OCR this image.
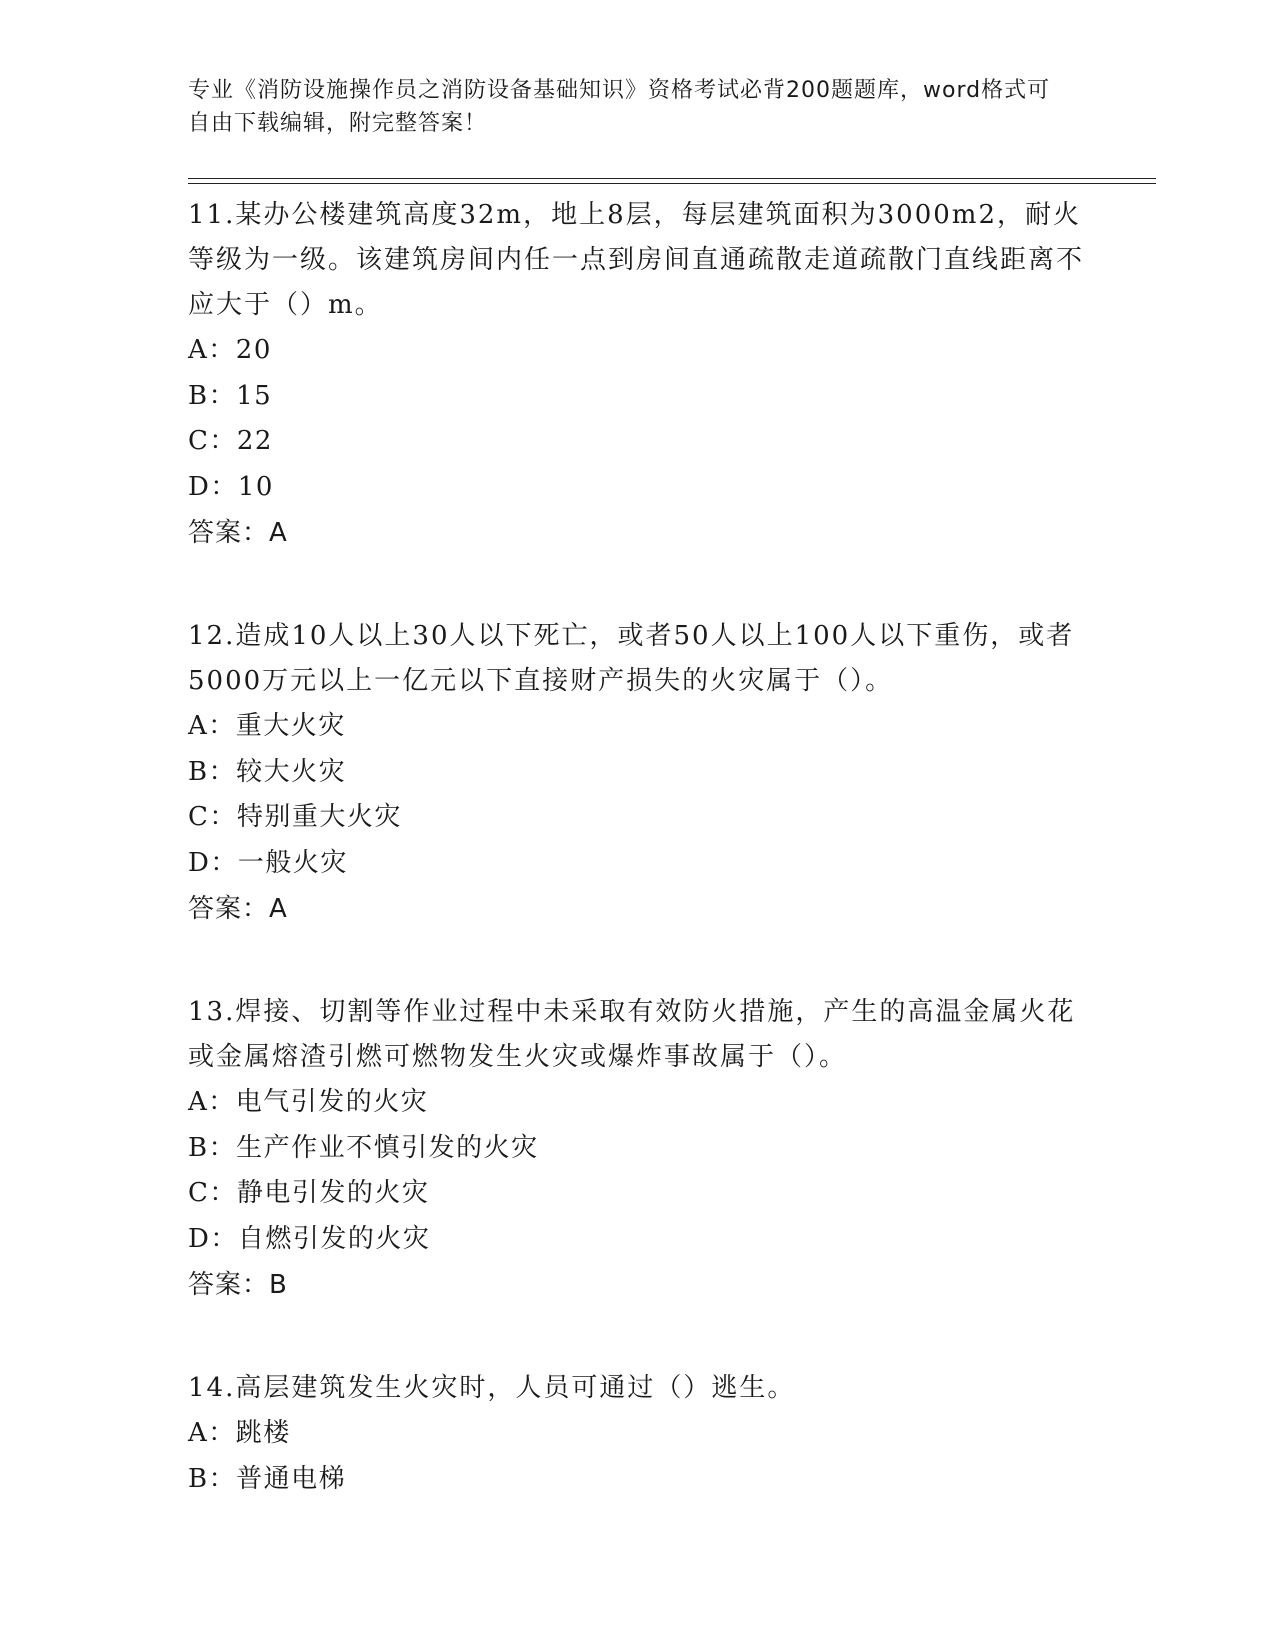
专业《消防设施操作员之消防设备基础知识》资格考试必背200题题库，word格式可自由下载编辑，附完整答案！
11.某办公楼建筑高度32m，地上8层，每层建筑面积为3000m2，耐火等级为一级。该建筑房间内任一点到房间直通疏散走道疏散门直线距离不应大于（）m。
A：20
B：15
C：22
D：10
答案：A
12.造成10人以上30人以下死亡，或者50人以上100人以下重伤，或者5000万元以上一亿元以下直接财产损失的火灾属于（）。
A：重大火灾
B：较大火灾
C：特别重大火灾
D：一般火灾
答案：A
13.焊接、切割等作业过程中未采取有效防火措施，产生的高温金属火花或金属熔渣引燃可燃物发生火灾或爆炸事故属于（）。
A：电气引发的火灾
B：生产作业不慎引发的火灾
C：静电引发的火灾
D：自燃引发的火灾
答案：B
14.高层建筑发生火灾时，人员可通过（）逃生。
A：跳楼
B：普通电梯
